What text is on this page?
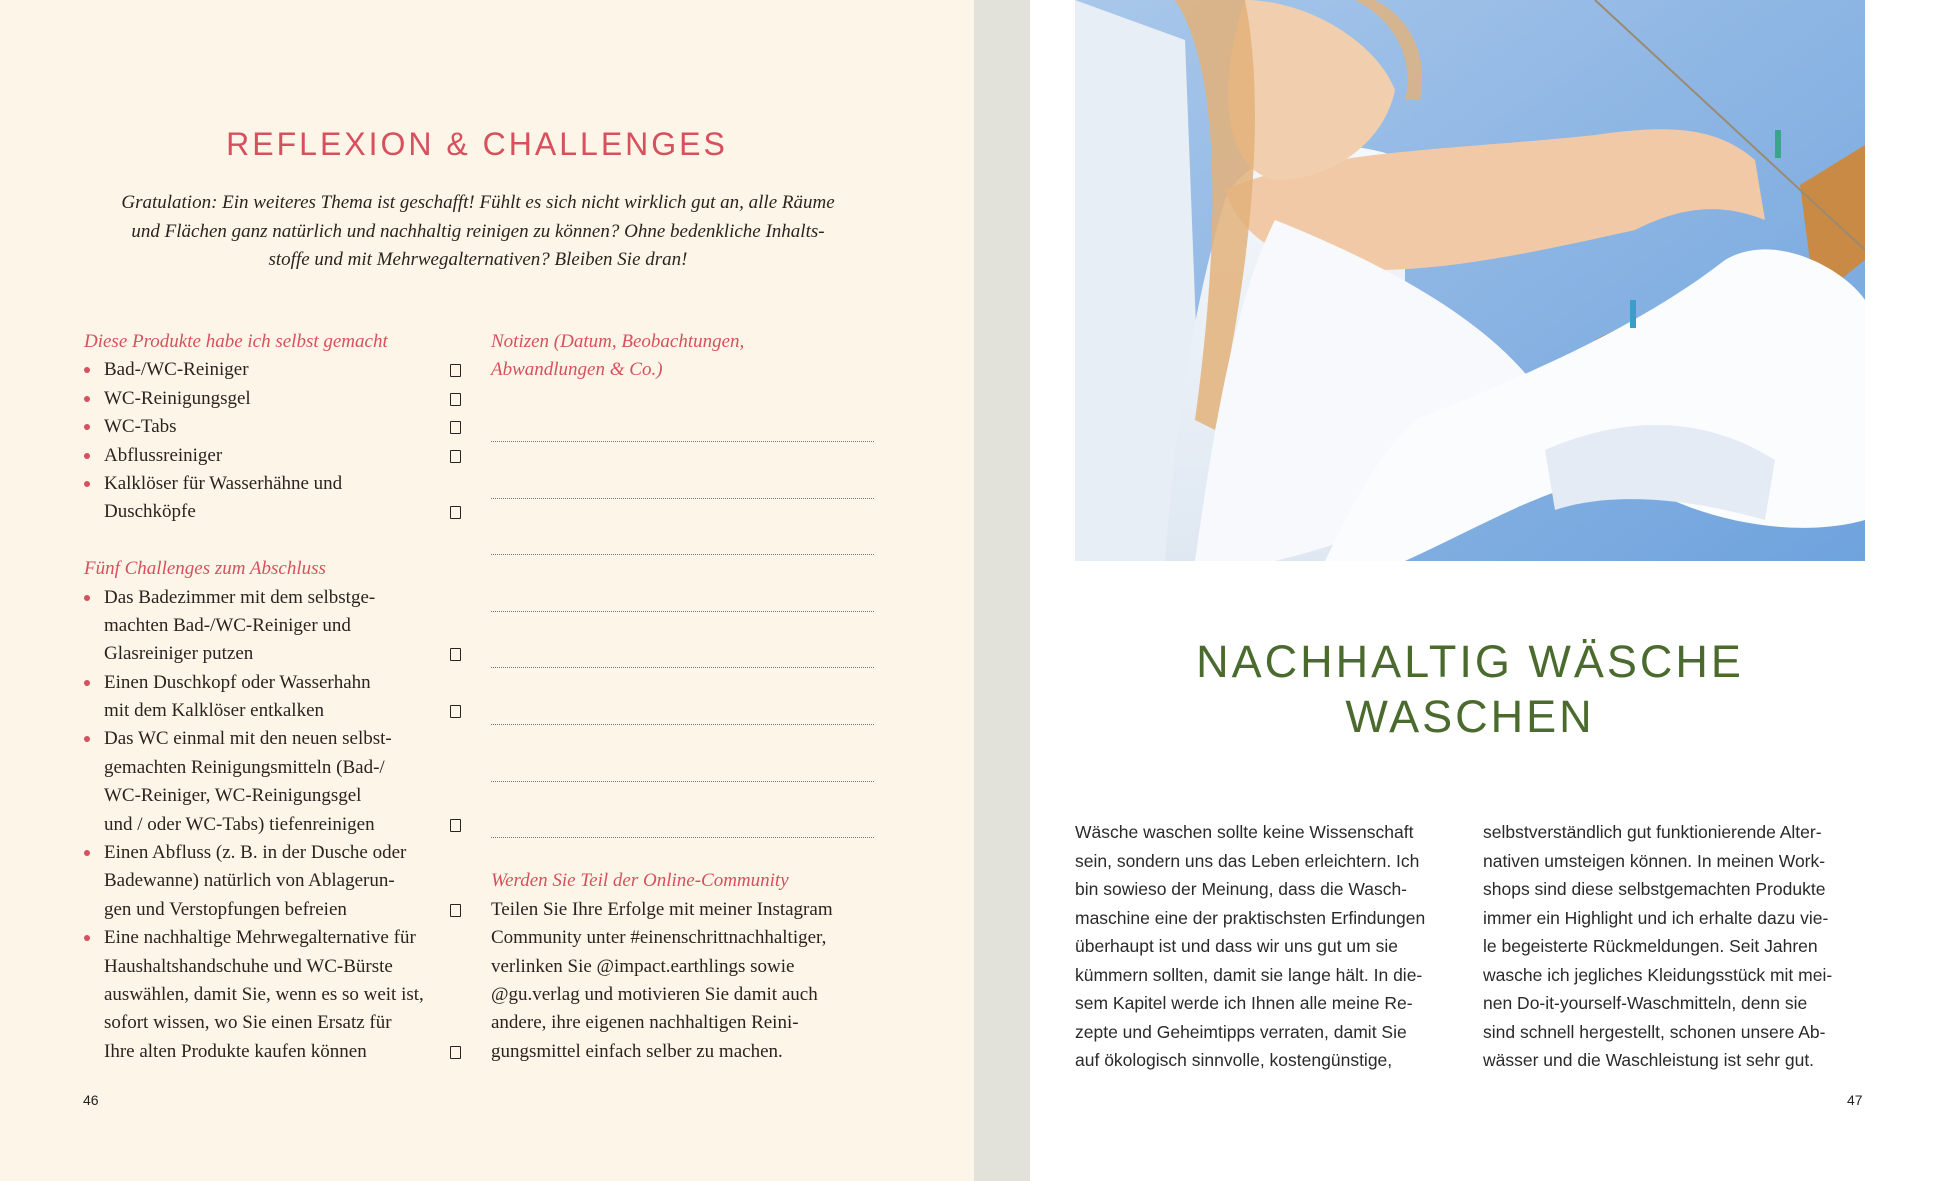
REFLEXION & CHALLENGES
Gratulation: Ein weiteres Thema ist geschafft! Fühlt es sich nicht wirklich gut an, alle Räume
und Flächen ganz natürlich und nachhaltig reinigen zu können? Ohne bedenkliche Inhalts-
stoffe und mit Mehrwegalternativen? Bleiben Sie dran!
Diese Produkte habe ich selbst gemacht
Bad-/WC-Reiniger
WC-Reinigungsgel
WC-Tabs
Abflussreiniger
Kalklöser für Wasserhähne und
Duschköpfe
Fünf Challenges zum Abschluss
Das Badezimmer mit dem selbstge-
machten Bad-/WC-Reiniger und
Glasreiniger putzen
Einen Duschkopf oder Wasserhahn
mit dem Kalklöser entkalken
Das WC einmal mit den neuen selbst-
gemachten Reinigungsmitteln (Bad-/
WC-Reiniger, WC-Reinigungsgel
und / oder WC-Tabs) tiefenreinigen
Einen Abfluss (z. B. in der Dusche oder
Badewanne) natürlich von Ablagerun-
gen und Verstopfungen befreien
Eine nachhaltige Mehrwegalternative für
Haushaltshandschuhe und WC-Bürste
auswählen, damit Sie, wenn es so weit ist,
sofort wissen, wo Sie einen Ersatz für
Ihre alten Produkte kaufen können
Notizen (Datum, Beobachtungen,
Abwandlungen & Co.)
Werden Sie Teil der Online-Community
Teilen Sie Ihre Erfolge mit meiner Instagram
Community unter #einenschrittnachhaltiger,
verlinken Sie @impact.earthlings sowie
@gu.verlag und motivieren Sie damit auch
andere, ihre eigenen nachhaltigen Reini-
gungsmittel einfach selber zu machen.
46
NACHHALTIG WÄSCHE
WASCHEN
Wäsche waschen sollte keine Wissenschaft
sein, sondern uns das Leben erleichtern. Ich
bin sowieso der Meinung, dass die Wasch-
maschine eine der praktischsten Erfindungen
überhaupt ist und dass wir uns gut um sie
kümmern sollten, damit sie lange hält. In die-
sem Kapitel werde ich Ihnen alle meine Re-
zepte und Geheimtipps verraten, damit Sie
auf ökologisch sinnvolle, kostengünstige,
selbstverständlich gut funktionierende Alter-
nativen umsteigen können. In meinen Work-
shops sind diese selbstgemachten Produkte
immer ein Highlight und ich erhalte dazu vie-
le begeisterte Rückmeldungen. Seit Jahren
wasche ich jegliches Kleidungsstück mit mei-
nen Do-it-yourself-Waschmitteln, denn sie
sind schnell hergestellt, schonen unsere Ab-
wässer und die Waschleistung ist sehr gut.
47
